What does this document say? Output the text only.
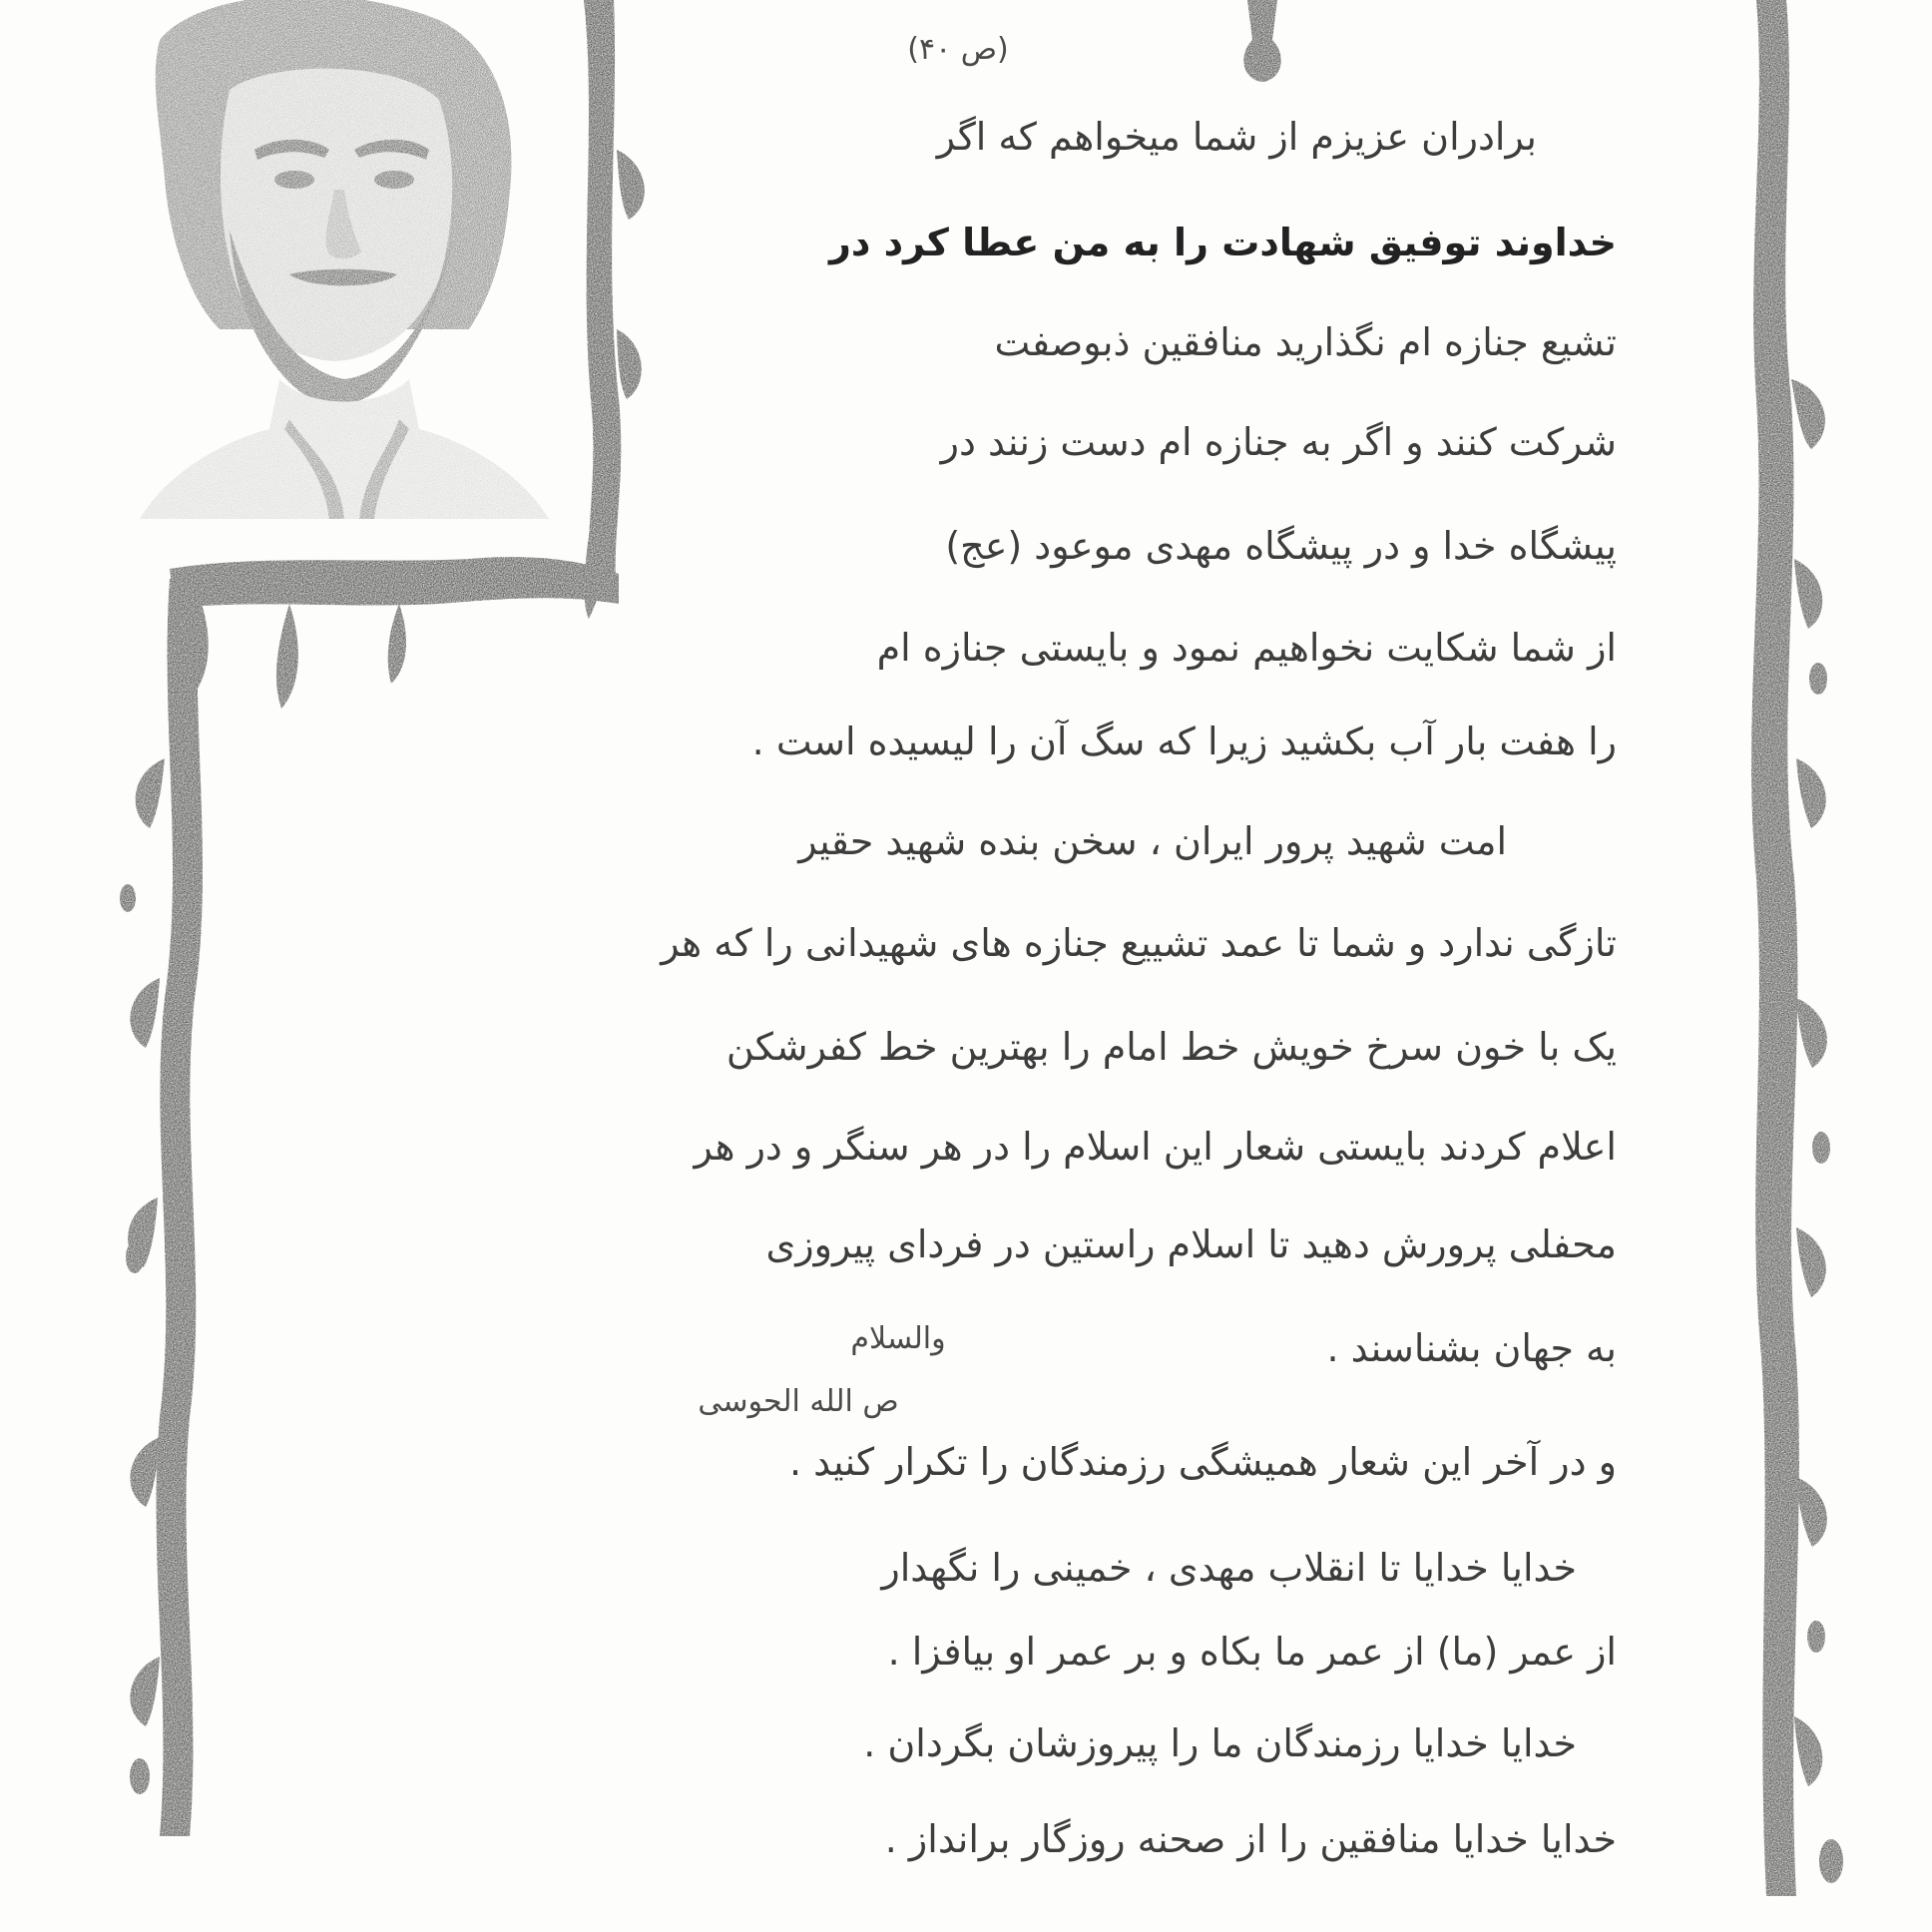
(ص ۴۰)
برادران عزیزم از شما میخواهم که اگر
خداوند توفیق شهادت را به من عطا کرد در
تشیع جنازه ام نگذارید منافقین ذبوصفت
شرکت کنند و اگر به جنازه ام دست زنند در
پیشگاه خدا و در پیشگاه مهدی موعود (عج)
از شما شکایت نخواهیم نمود و بایستی جنازه ام
را هفت بار آب بکشید زیرا که سگ آن را لیسیده است .
امت شهید پرور ایران ، سخن بنده شهید حقیر
تازگی ندارد و شما تا عمد تشییع جنازه های شهیدانی را که هر
یک با خون سرخ خویش خط امام را بهترین خط کفرشکن
اعلام کردند بایستی شعار این اسلام را در هر سنگر و در هر
محفلی پرورش دهید تا اسلام راستین در فردای پیروزی
به جهان بشناسند .
والسلام
ص الله الحوسی
و در آخر این شعار همیشگی رزمندگان را تکرار کنید .
خدایا خدایا تا انقلاب مهدی ، خمینی را نگهدار
از عمر (ما) از عمر ما بکاه و بر عمر او بیافزا .
خدایا خدایا رزمندگان ما را پیروزشان بگردان .
خدایا خدایا منافقین را از صحنه روزگار برانداز .
